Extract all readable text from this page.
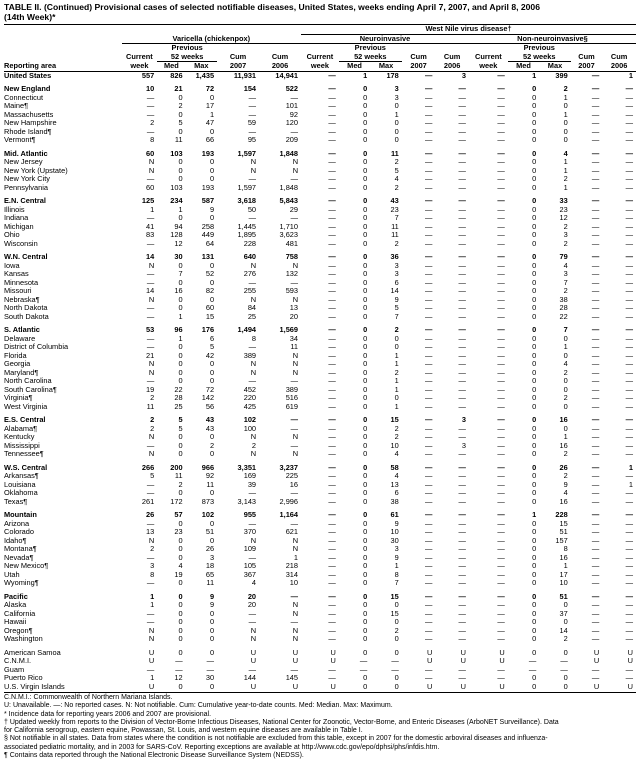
TABLE II. (Continued) Provisional cases of selected notifiable diseases, United States, weeks ending April 7, 2007, and April 8, 2006
(14th Week)*
						West Nile virus disease†									
	Varicella (chickenpox)					Neuroinvasive					Non-neuroinvasive§				
		Previous					Previous					Previous			
	Current	52 weeks		Cum	Cum	Current	52 weeks		Cum	Cum	Current	52 weeks		Cum	Cum
Reporting area	week	Med	Max	2007	2006	week	Med	Max	2007	2006	week	Med	Max	2007	2006
United States	557	826	1,435	11,931	14,941	—	1	178	—	3	—	1	399	—	1
New England	10	21	72	154	522	—	0	3	—	—	—	0	2	—	—
Connecticut	—	0	0	—	—	—	0	3	—	—	—	0	1	—	—
Maine¶	—	2	17	—	101	—	0	0	—	—	—	0	0	—	—
Massachusetts	—	0	1	—	92	—	0	1	—	—	—	0	1	—	—
New Hampshire	2	5	47	59	120	—	0	0	—	—	—	0	0	—	—
Rhode Island¶	—	0	0	—	—	—	0	0	—	—	—	0	0	—	—
Vermont¶	8	11	66	95	209	—	0	0	—	—	—	0	0	—	—
Mid. Atlantic	60	103	193	1,597	1,848	—	0	11	—	—	—	0	4	—	—
New Jersey	N	0	0	N	N	—	0	2	—	—	—	0	1	—	—
New York (Upstate)	N	0	0	N	N	—	0	5	—	—	—	0	1	—	—
New York City	—	0	0	—	—	—	0	4	—	—	—	0	2	—	—
Pennsylvania	60	103	193	1,597	1,848	—	0	2	—	—	—	0	1	—	—
E.N. Central	125	234	587	3,618	5,843	—	0	43	—	—	—	0	33	—	—
Illinois	1	1	9	50	29	—	0	23	—	—	—	0	23	—	—
Indiana	—	0	0	—	—	—	0	7	—	—	—	0	12	—	—
Michigan	41	94	258	1,445	1,710	—	0	11	—	—	—	0	2	—	—
Ohio	83	128	449	1,895	3,623	—	0	11	—	—	—	0	3	—	—
Wisconsin	—	12	64	228	481	—	0	2	—	—	—	0	2	—	—
W.N. Central	14	30	131	640	758	—	0	36	—	—	—	0	79	—	—
Iowa	N	0	0	N	N	—	0	3	—	—	—	0	4	—	—
Kansas	—	7	52	276	132	—	0	3	—	—	—	0	3	—	—
Minnesota	—	0	0	—	—	—	0	6	—	—	—	0	7	—	—
Missouri	14	16	82	255	593	—	0	14	—	—	—	0	2	—	—
Nebraska¶	N	0	0	N	N	—	0	9	—	—	—	0	38	—	—
North Dakota	—	0	60	84	13	—	0	5	—	—	—	0	28	—	—
South Dakota	—	1	15	25	20	—	0	7	—	—	—	0	22	—	—
S. Atlantic	53	96	176	1,494	1,569	—	0	2	—	—	—	0	7	—	—
Delaware	—	1	6	8	34	—	0	0	—	—	—	0	0	—	—
District of Columbia	—	0	5	—	11	—	0	0	—	—	—	0	1	—	—
Florida	21	0	42	389	N	—	0	1	—	—	—	0	0	—	—
Georgia	N	0	0	N	N	—	0	1	—	—	—	0	4	—	—
Maryland¶	N	0	0	N	N	—	0	2	—	—	—	0	2	—	—
North Carolina	—	0	0	—	—	—	0	1	—	—	—	0	0	—	—
South Carolina¶	19	22	72	452	389	—	0	1	—	—	—	0	0	—	—
Virginia¶	2	28	142	220	516	—	0	0	—	—	—	0	2	—	—
West Virginia	11	25	56	425	619	—	0	1	—	—	—	0	0	—	—
E.S. Central	2	5	43	102	—	—	0	15	—	3	—	0	16	—	—
Alabama¶	2	5	43	100	—	—	0	2	—	—	—	0	0	—	—
Kentucky	N	0	0	N	N	—	0	2	—	—	—	0	1	—	—
Mississippi	—	0	2	2	—	—	0	10	—	3	—	0	16	—	—
Tennessee¶	N	0	0	N	N	—	0	4	—	—	—	0	2	—	—
W.S. Central	266	200	966	3,351	3,237	—	0	58	—	—	—	0	26	—	1
Arkansas¶	5	11	92	169	225	—	0	4	—	—	—	0	2	—	—
Louisiana	—	2	11	39	16	—	0	13	—	—	—	0	9	—	1
Oklahoma	—	0	0	—	—	—	0	6	—	—	—	0	4	—	—
Texas¶	261	172	873	3,143	2,996	—	0	38	—	—	—	0	16	—	—
Mountain	26	57	102	955	1,164	—	0	61	—	—	—	1	228	—	—
Arizona	—	0	0	—	—	—	0	9	—	—	—	0	15	—	—
Colorado	13	23	51	370	621	—	0	10	—	—	—	0	51	—	—
Idaho¶	N	0	0	N	N	—	0	30	—	—	—	0	157	—	—
Montana¶	2	0	26	109	N	—	0	3	—	—	—	0	8	—	—
Nevada¶	—	0	3	—	1	—	0	9	—	—	—	0	16	—	—
New Mexico¶	3	4	18	105	218	—	0	1	—	—	—	0	1	—	—
Utah	8	19	65	367	314	—	0	8	—	—	—	0	17	—	—
Wyoming¶	—	0	11	4	10	—	0	7	—	—	—	0	10	—	—
Pacific	1	0	9	20	—	—	0	15	—	—	—	0	51	—	—
Alaska	1	0	9	20	N	—	0	0	—	—	—	0	0	—	—
California	—	0	0	—	N	—	0	15	—	—	—	0	37	—	—
Hawaii	—	0	0	—	—	—	0	0	—	—	—	0	0	—	—
Oregon¶	N	0	0	N	N	—	0	2	—	—	—	0	14	—	—
Washington	N	0	0	N	N	—	0	0	—	—	—	0	2	—	—
American Samoa	U	0	0	U	U	U	0	0	U	U	U	0	0	U	U
C.N.M.I.	U	—	—	U	U	U	—	—	U	U	U	—	—	U	U
Guam	—	—	—	—	—	—	—	—	—	—	—	—	—	—	—
Puerto Rico	1	12	30	144	145	—	0	0	—	—	—	0	0	—	—
U.S. Virgin Islands	U	0	0	U	U	U	0	0	U	U	U	0	0	U	U
C.N.M.I.: Commonwealth of Northern Mariana Islands.
U: Unavailable. —: No reported cases. N: Not notifiable. Cum: Cumulative year-to-date counts. Med: Median. Max: Maximum.
* Incidence data for reporting years 2006 and 2007 are provisional.
† Updated weekly from reports to the Division of Vector-Borne Infectious Diseases, National Center for Zoonotic, Vector-Borne, and Enteric Diseases (ArboNET Surveillance). Data
for California serogroup, eastern equine, Powassan, St. Louis, and western equine diseases are available in Table I.
§ Not notifiable in all states. Data from states where the condition is not notifiable are excluded from this table, except in 2007 for the domestic arboviral diseases and influenza-
associated pediatric mortality, and in 2003 for SARS-CoV. Reporting exceptions are available at http://www.cdc.gov/epo/dphsi/phs/infdis.htm.
¶ Contains data reported through the National Electronic Disease Surveillance System (NEDSS).
